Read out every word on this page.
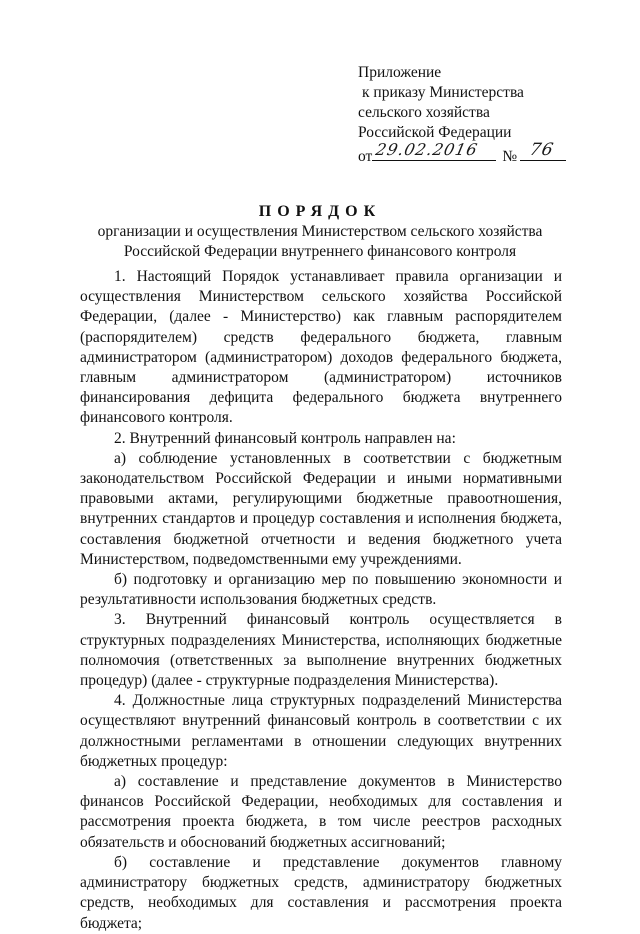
Приложение
к приказу Министерства
сельского хозяйства
Российской Федерации
от 29.02.2016 № 76
ПОРЯДОК
организации и осуществления Министерством сельского хозяйства
Российской Федерации внутреннего финансового контроля

1. Настоящий Порядок устанавливает правила организации и осуществления Министерством сельского хозяйства Российской Федерации, (далее - Министерство) как главным распорядителем (распорядителем) средств федерального бюджета, главным администратором (администратором) доходов федерального бюджета, главным администратором (администратором) источников финансирования дефицита федерального бюджета внутреннего финансового контроля.

2. Внутренний финансовый контроль направлен на:

а) соблюдение установленных в соответствии с бюджетным законодательством Российской Федерации и иными нормативными правовыми актами, регулирующими бюджетные правоотношения, внутренних стандартов и процедур составления и исполнения бюджета, составления бюджетной отчетности и ведения бюджетного учета Министерством, подведомственными ему учреждениями.

б) подготовку и организацию мер по повышению экономности и результативности использования бюджетных средств.

3. Внутренний финансовый контроль осуществляется в структурных подразделениях Министерства, исполняющих бюджетные полномочия (ответственных за выполнение внутренних бюджетных процедур) (далее - структурные подразделения Министерства).

4. Должностные лица структурных подразделений Министерства осуществляют внутренний финансовый контроль в соответствии с их должностными регламентами в отношении следующих внутренних бюджетных процедур:

а) составление и представление документов в Министерство финансов Российской Федерации, необходимых для составления и рассмотрения проекта бюджета, в том числе реестров расходных обязательств и обоснований бюджетных ассигнований;

б) составление и представление документов главному администратору бюджетных средств, администратору бюджетных средств, необходимых для составления и рассмотрения проекта бюджета;
